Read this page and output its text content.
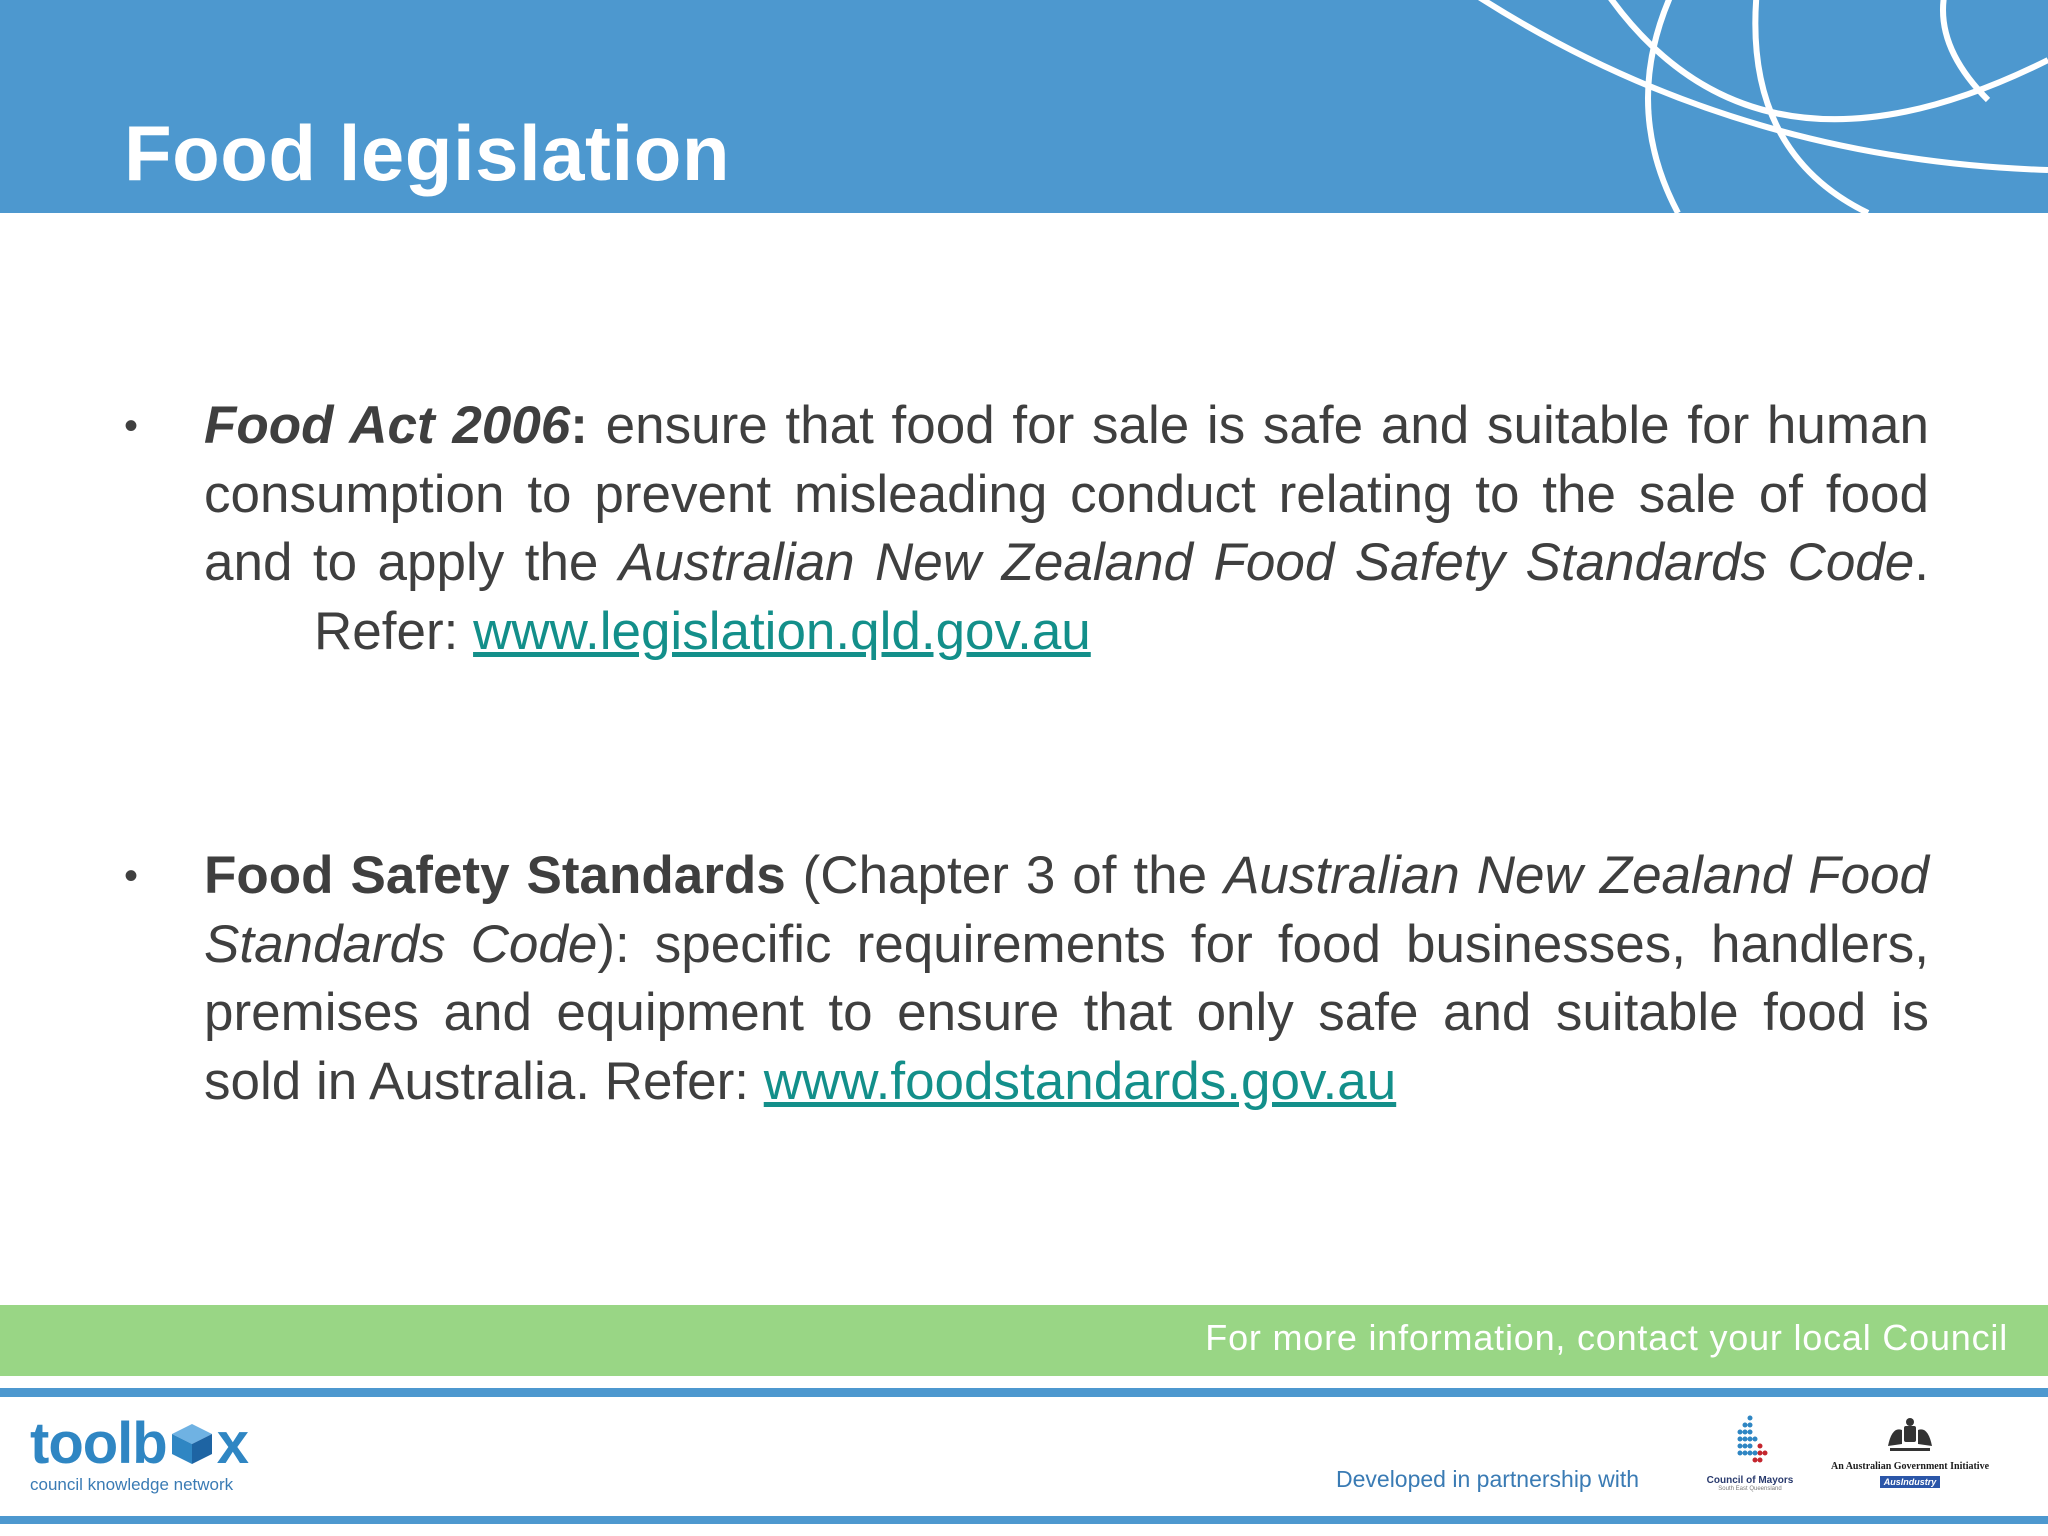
Food legislation
• Food Act 2006: ensure that food for sale is safe and suitable for human consumption to prevent misleading conduct relating to the sale of food and to apply the Australian New Zealand Food Safety Standards Code.Refer: www.legislation.qld.gov.au
• Food Safety Standards (Chapter 3 of the Australian New Zealand Food Standards Code): specific requirements for food businesses, handlers, premises and equipment to ensure that only safe and suitable food is sold in Australia. Refer: www.foodstandards.gov.au
For more information, contact your local Council
toolb x
council knowledge network	Developed in partnership with	Council of Mayors
South East Queensland
An Australian Government Initiative
AusIndustry
